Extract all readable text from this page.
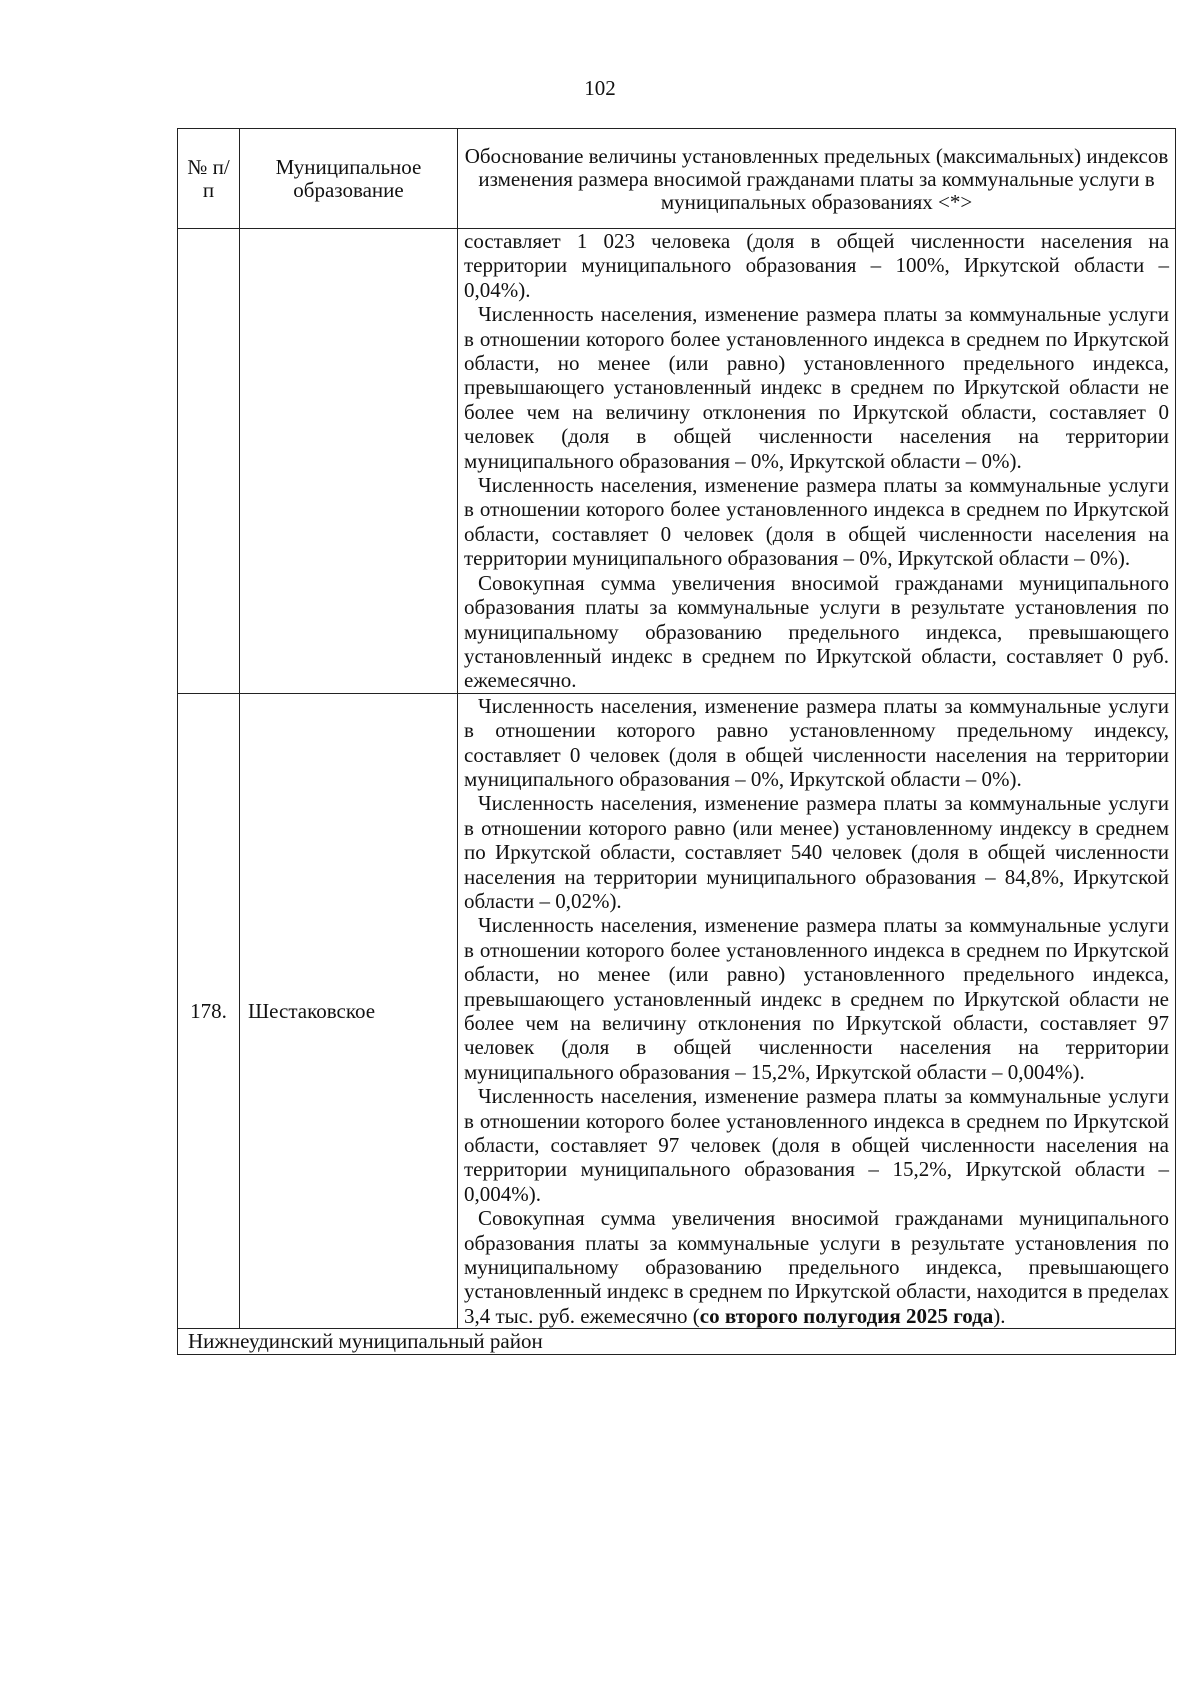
102
№ п/п	Муниципальное образование	Обоснование величины установленных предельных (максимальных) индексов изменения размера вносимой гражданами платы за коммунальные услуги в муниципальных образованиях <*>

		составляет 1 023 человека (доля в общей численности населения на территории муниципального образования – 100%, Иркутской области – 0,04%).

Численность населения, изменение размера платы за коммунальные услуги в отношении которого более установленного индекса в среднем по Иркутской области, но менее (или равно) установленного предельного индекса, превышающего установленный индекс в среднем по Иркутской области не более чем на величину отклонения по Иркутской области, составляет 0 человек (доля в общей численности населения на территории муниципального образования – 0%, Иркутской области – 0%).

Численность населения, изменение размера платы за коммунальные услуги в отношении которого более установленного индекса в среднем по Иркутской области, составляет 0 человек (доля в общей численности населения на территории муниципального образования – 0%, Иркутской области – 0%).

Совокупная сумма увеличения вносимой гражданами муниципального образования платы за коммунальные услуги в результате установления по муниципальному образованию предельного индекса, превышающего установленный индекс в среднем по Иркутской области, составляет 0 руб. ежемесячно.

178.	Шестаковское	Численность населения, изменение размера платы за коммунальные услуги в отношении которого равно установленному предельному индексу, составляет 0 человек (доля в общей численности населения на территории муниципального образования – 0%, Иркутской области – 0%).

Численность населения, изменение размера платы за коммунальные услуги в отношении которого равно (или менее) установленному индексу в среднем по Иркутской области, составляет 540 человек (доля в общей численности населения на территории муниципального образования – 84,8%, Иркутской области – 0,02%).

Численность населения, изменение размера платы за коммунальные услуги в отношении которого более установленного индекса в среднем по Иркутской области, но менее (или равно) установленного предельного индекса, превышающего установленный индекс в среднем по Иркутской области не более чем на величину отклонения по Иркутской области, составляет 97 человек (доля в общей численности населения на территории муниципального образования – 15,2%, Иркутской области – 0,004%).

Численность населения, изменение размера платы за коммунальные услуги в отношении которого более установленного индекса в среднем по Иркутской области, составляет 97 человек (доля в общей численности населения на территории муниципального образования – 15,2%, Иркутской области – 0,004%).

Совокупная сумма увеличения вносимой гражданами муниципального образования платы за коммунальные услуги в результате установления по муниципальному образованию предельного индекса, превышающего установленный индекс в среднем по Иркутской области, находится в пределах 3,4 тыс. руб. ежемесячно (со второго полугодия 2025 года).

Нижнеудинский муниципальный район		
